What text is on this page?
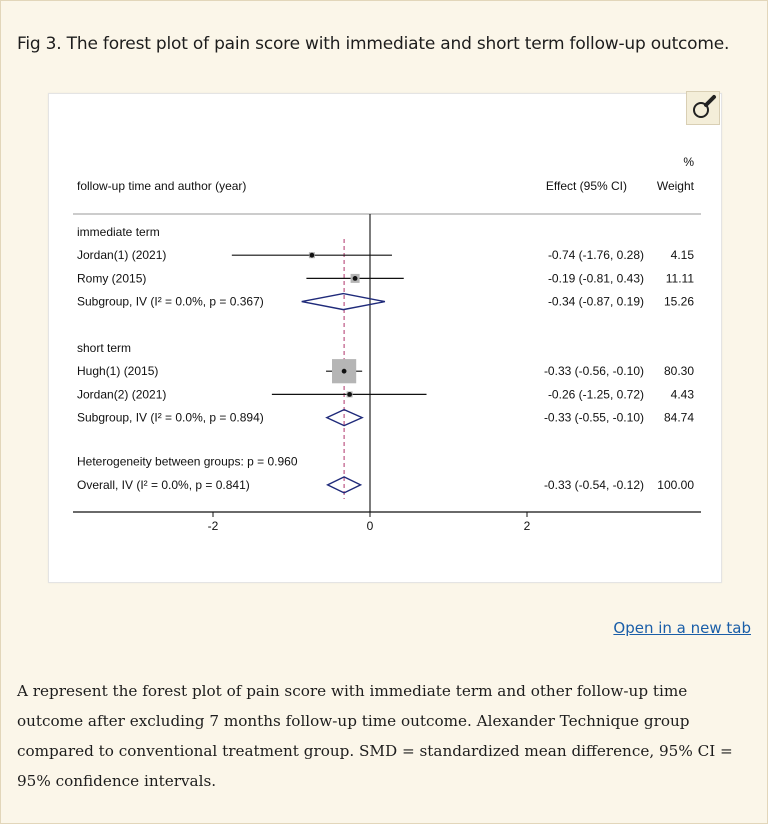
Fig 3. The forest plot of pain score with immediate and short term follow-up outcome.
%
follow-up time and author (year)	Effect (95% CI) Weight
-2	0	2
immediate term
Jordan(1) (2021)	-0.74 (-1.76, 0.28) 4.15
Romy (2015)	-0.19 (-0.81, 0.43) 11.11
Subgroup, IV (I² = 0.0%, p = 0.367)	-0.34 (-0.87, 0.19) 15.26
short term
Hugh(1) (2015)	-0.33 (-0.56, -0.10) 80.30
Jordan(2) (2021)	-0.26 (-1.25, 0.72) 4.43
Subgroup, IV (I² = 0.0%, p = 0.894)	-0.33 (-0.55, -0.10) 84.74
Heterogeneity between groups: p = 0.960
Overall, IV (I² = 0.0%, p = 0.841)	-0.33 (-0.54, -0.12) 100.00
Open in a new tab

A represent the forest plot of pain score with immediate term and other follow-up time outcome after excluding 7 months follow-up time outcome. Alexander Technique group compared to conventional treatment group. SMD = standardized mean difference, 95% CI = 95% confidence intervals.
